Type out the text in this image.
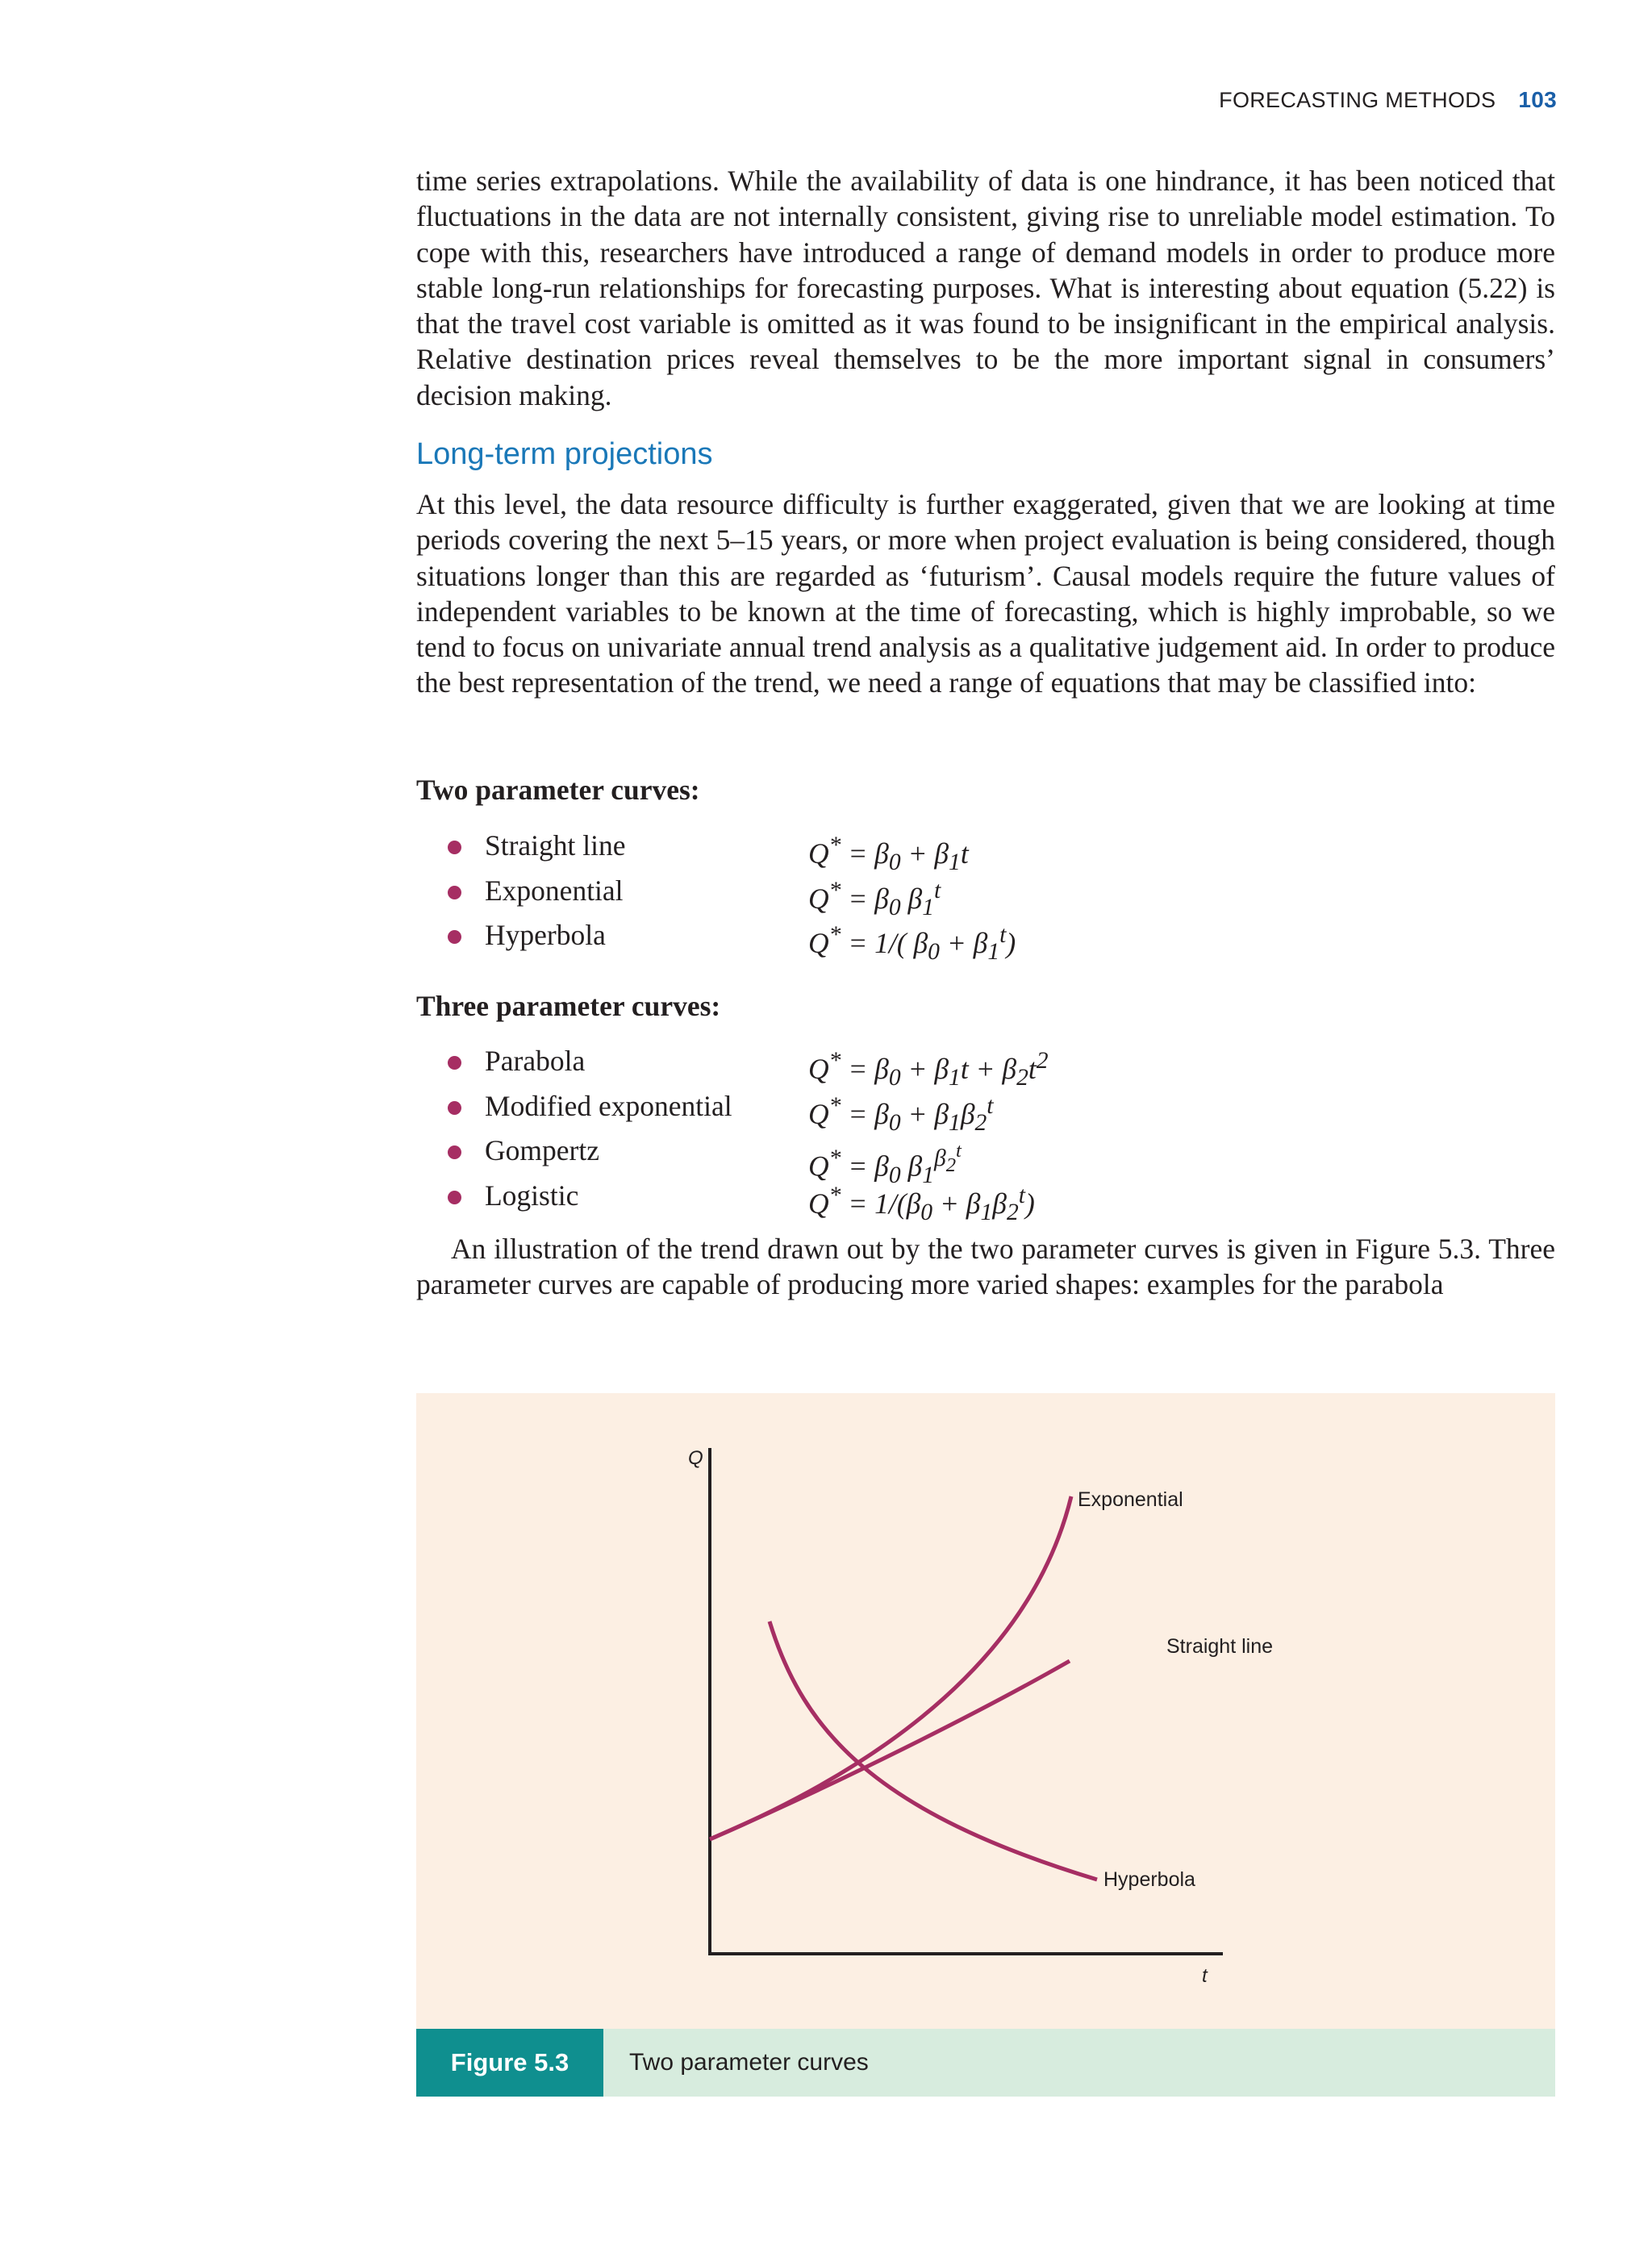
FORECASTING METHODS 103

time series extrapolations. While the availability of data is one hindrance, it has been noticed that fluctuations in the data are not internally consistent, giving rise to unreliable model estimation. To cope with this, researchers have introduced a range of demand models in order to produce more stable long-run relationships for forecasting purposes. What is interesting about equation (5.22) is that the travel cost variable is omitted as it was found to be insignificant in the empirical analysis. Relative destination prices reveal themselves to be the more important signal in consumers’ decision making.

Long-term projections

At this level, the data resource difficulty is further exaggerated, given that we are looking at time periods covering the next 5–15 years, or more when project evaluation is being considered, though situations longer than this are regarded as ‘futurism’. Causal models require the future values of independent variables to be known at the time of forecasting, which is highly improbable, so we tend to focus on univariate annual trend analysis as a qualitative judgement aid. In order to produce the best representation of the trend, we need a range of equations that may be classified into:

Two parameter curves:
Straight line	$Q^* = \beta_0 + \beta_1t$
Exponential	$Q^* = \beta_0$ $\beta_1^t$
Hyperbola	Q* = 1/( $\beta_0 + \beta_1^t$)
Three parameter curves:
Parabola	$Q^* = \beta_0 + \beta_1t + \beta_2t^2$
Modified exponential	$Q^* = \beta_0 + \beta_1\beta_2^t$
Gompertz	$Q^* = \beta_0$ $\beta_1^{\beta_2^t}$
Logistic	$Q^* = 1/(\beta_0 + \beta_1\beta_2^t)$

An illustration of the trend drawn out by the two parameter curves is given in Figure 5.3. Three parameter curves are capable of producing more varied shapes: examples for the parabola

Q
t
Exponential
Straight line
Hyperbola
Figure 5.3	Two parameter curves
